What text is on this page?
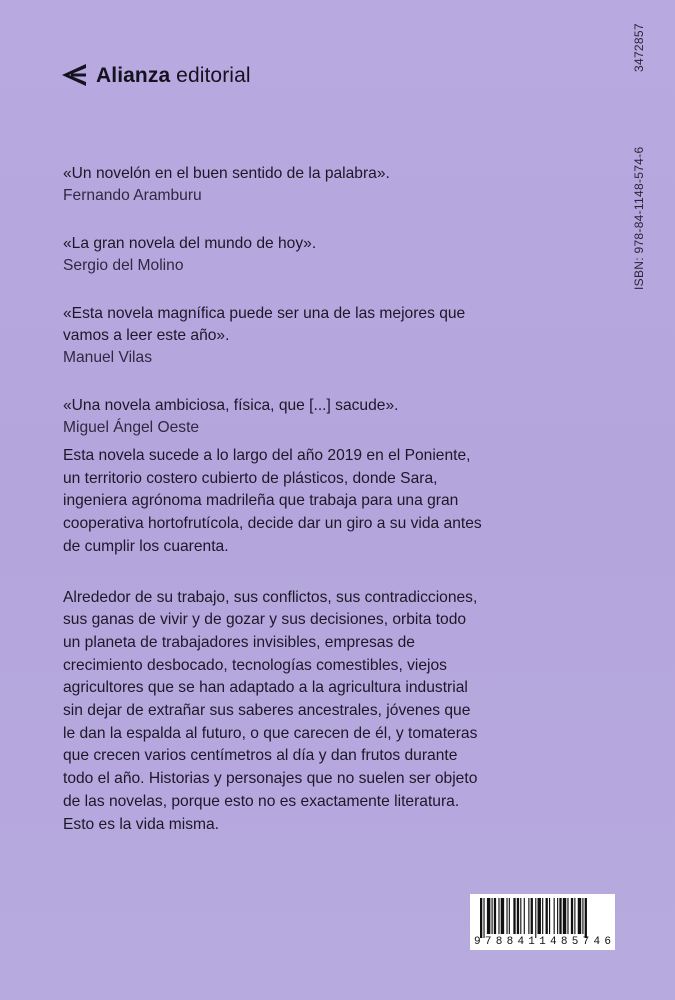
Alianza editorial
3472857
ISBN: 978-84-1148-574-6
«Un novelón en el buen sentido de la palabra».
Fernando Aramburu
«La gran novela del mundo de hoy».
Sergio del Molino
«Esta novela magnífica puede ser una de las mejores que vamos a leer este año».
Manuel Vilas
«Una novela ambiciosa, física, que [...] sacude».
Miguel Ángel Oeste

Esta novela sucede a lo largo del año 2019 en el Poniente, un territorio costero cubierto de plásticos, donde Sara, ingeniera agrónoma madrileña que trabaja para una gran cooperativa hortofrutícola, decide dar un giro a su vida antes de cumplir los cuarenta.

Alrededor de su trabajo, sus conflictos, sus contradicciones, sus ganas de vivir y de gozar y sus decisiones, orbita todo un planeta de trabajadores invisibles, empresas de crecimiento desbocado, tecnologías comestibles, viejos agricultores que se han adaptado a la agricultura industrial sin dejar de extrañar sus saberes ancestrales, jóvenes que le dan la espalda al futuro, o que carecen de él, y tomateras que crecen varios centímetros al día y dan frutos durante todo el año. Historias y personajes que no suelen ser objeto de las novelas, porque esto no es exactamente literatura. Esto es la vida misma.

9 7 8 8 4 1 1 4 8 5 7 4 6
